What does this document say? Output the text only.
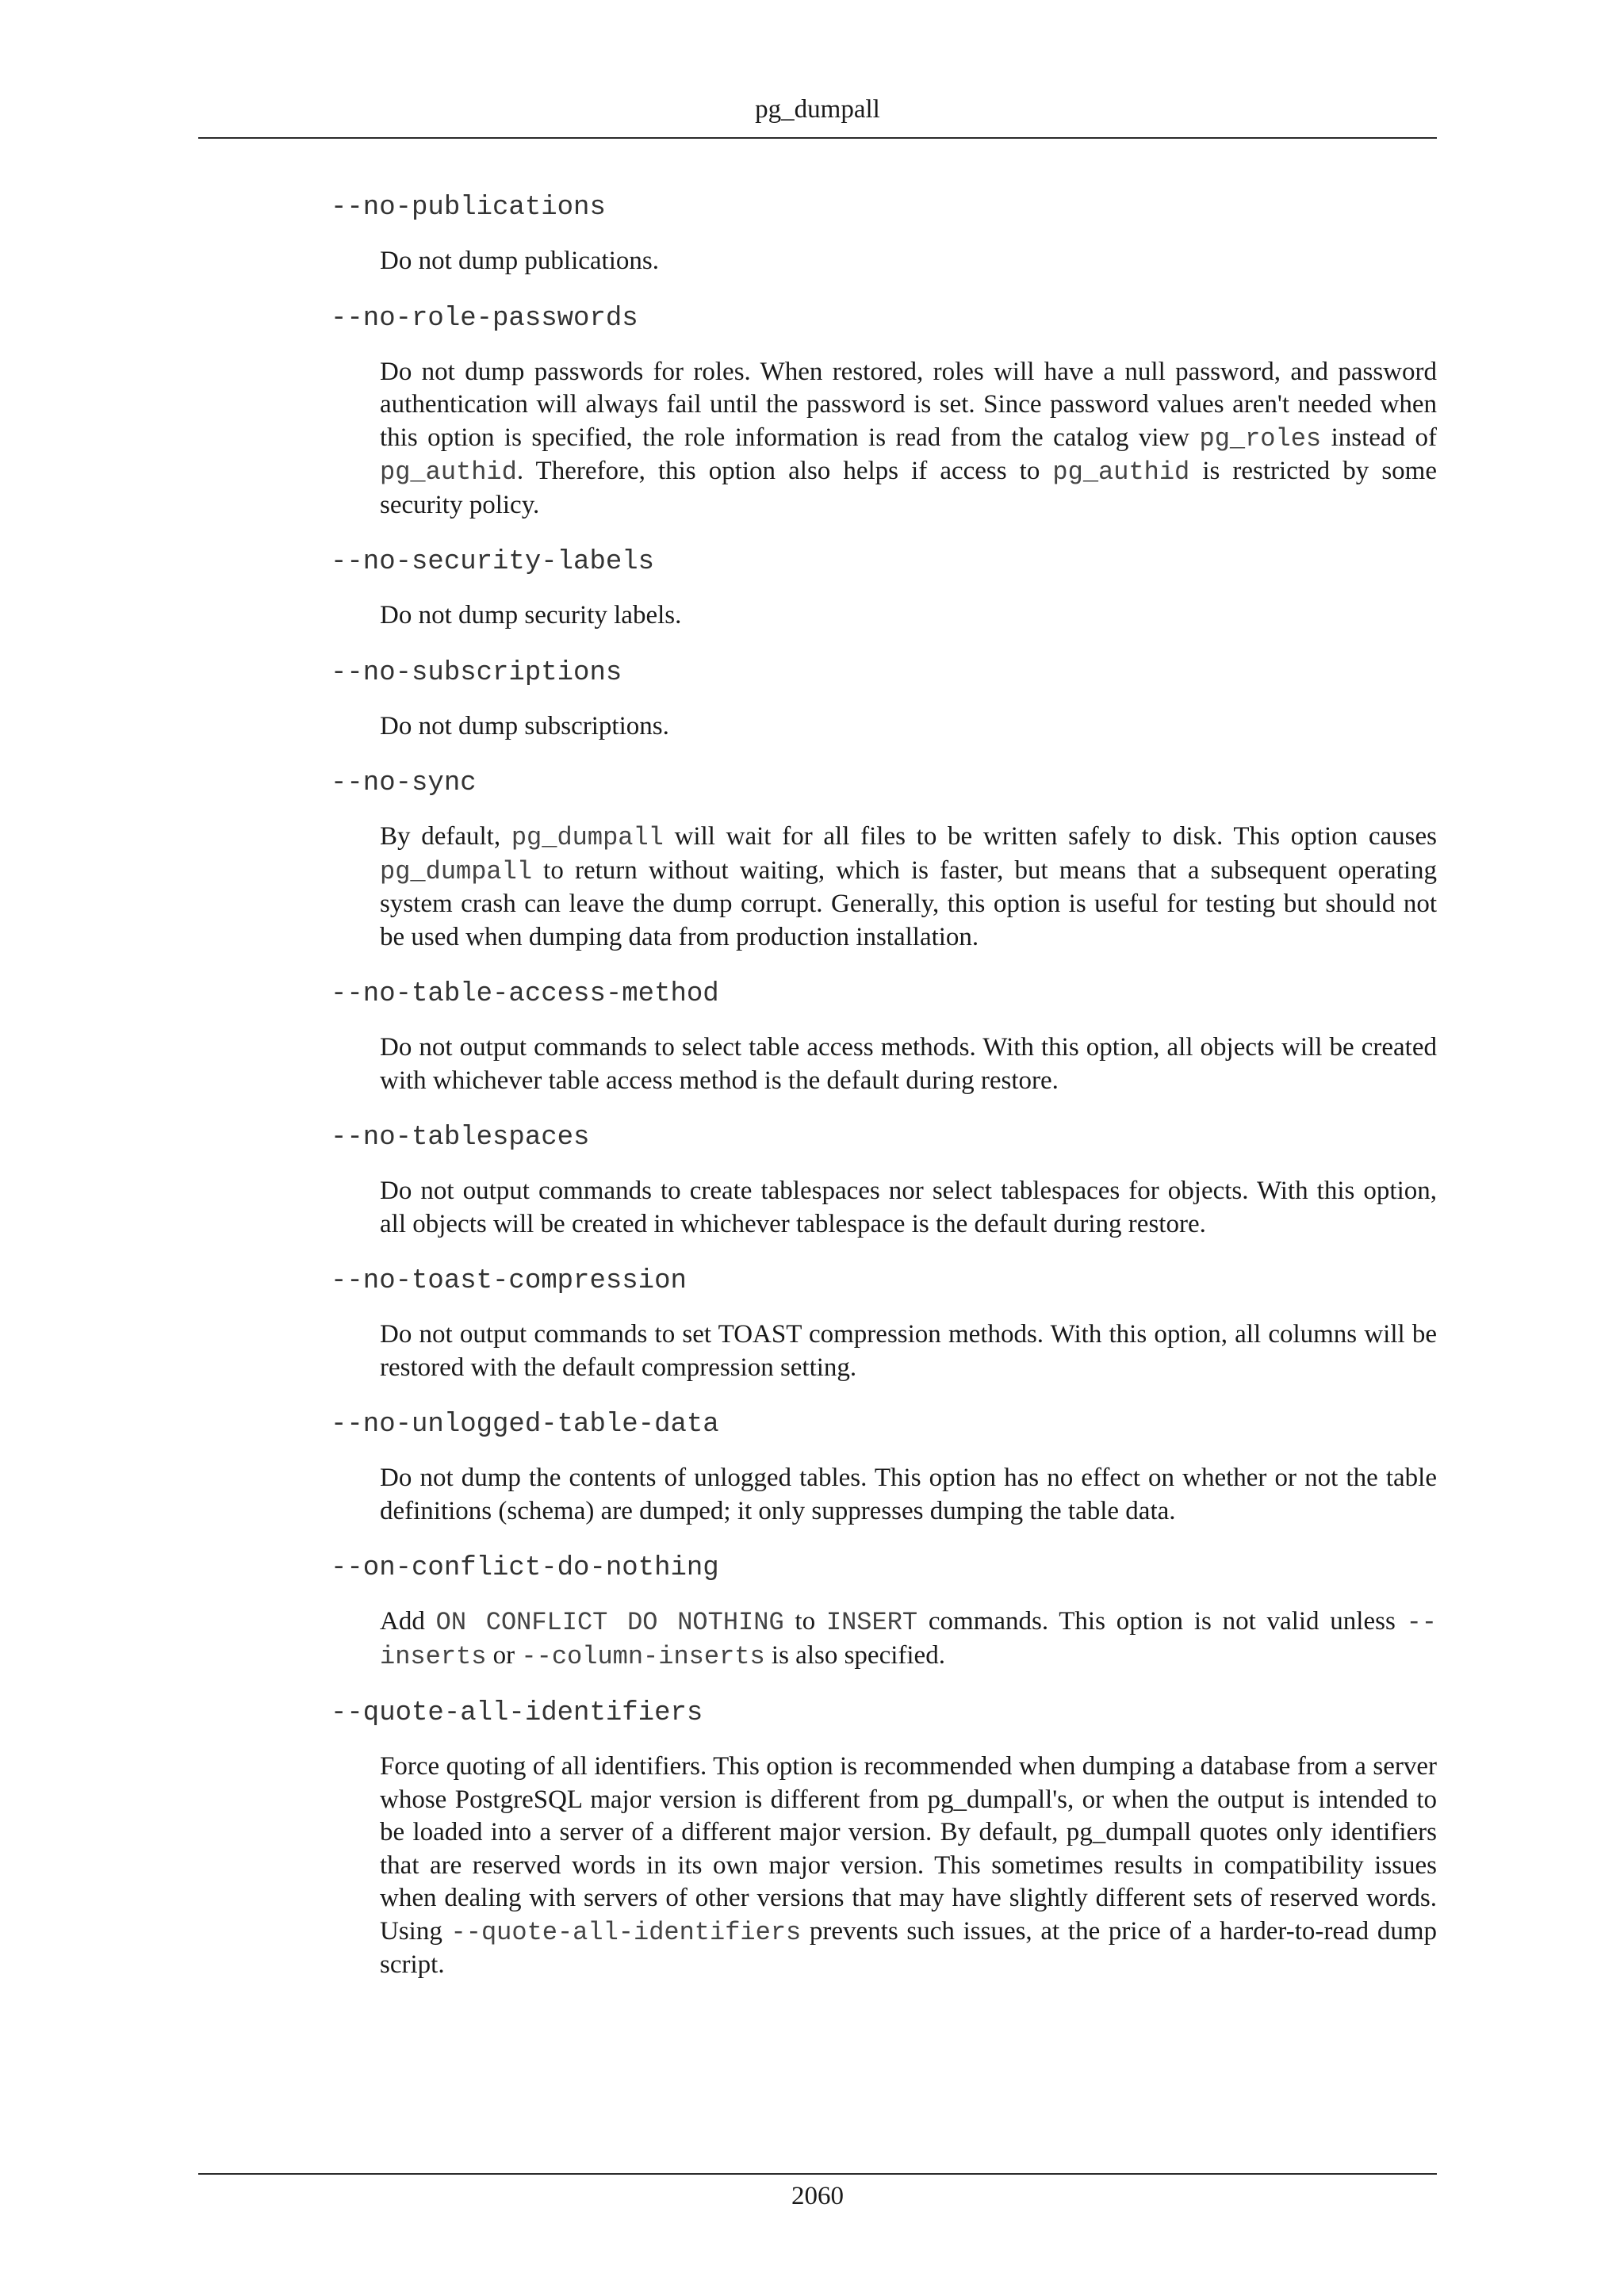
pg_dumpall

--no-publications

Do not dump publications.

--no-role-passwords

Do not dump passwords for roles. When restored, roles will have a null password, and password authentication will always fail until the password is set. Since password values aren't needed when this option is specified, the role information is read from the catalog view pg_roles instead of pg_authid. Therefore, this option also helps if access to pg_authid is restricted by some security policy.

--no-security-labels

Do not dump security labels.

--no-subscriptions

Do not dump subscriptions.

--no-sync

By default, pg_dumpall will wait for all files to be written safely to disk. This option causes pg_dumpall to return without waiting, which is faster, but means that a subsequent operating system crash can leave the dump corrupt. Generally, this option is useful for testing but should not be used when dumping data from production installation.

--no-table-access-method

Do not output commands to select table access methods. With this option, all objects will be created with whichever table access method is the default during restore.

--no-tablespaces

Do not output commands to create tablespaces nor select tablespaces for objects. With this option, all objects will be created in whichever tablespace is the default during restore.

--no-toast-compression

Do not output commands to set TOAST compression methods. With this option, all columns will be restored with the default compression setting.

--no-unlogged-table-data

Do not dump the contents of unlogged tables. This option has no effect on whether or not the table definitions (schema) are dumped; it only suppresses dumping the table data.

--on-conflict-do-nothing

Add ON CONFLICT DO NOTHING to INSERT commands. This option is not valid unless --inserts or --column-inserts is also specified.

--quote-all-identifiers

Force quoting of all identifiers. This option is recommended when dumping a database from a server whose PostgreSQL major version is different from pg_dumpall's, or when the output is intended to be loaded into a server of a different major version. By default, pg_dumpall quotes only identifiers that are reserved words in its own major version. This sometimes results in compatibility issues when dealing with servers of other versions that may have slightly different sets of reserved words. Using --quote-all-identifiers prevents such issues, at the price of a harder-to-read dump script.

2060
